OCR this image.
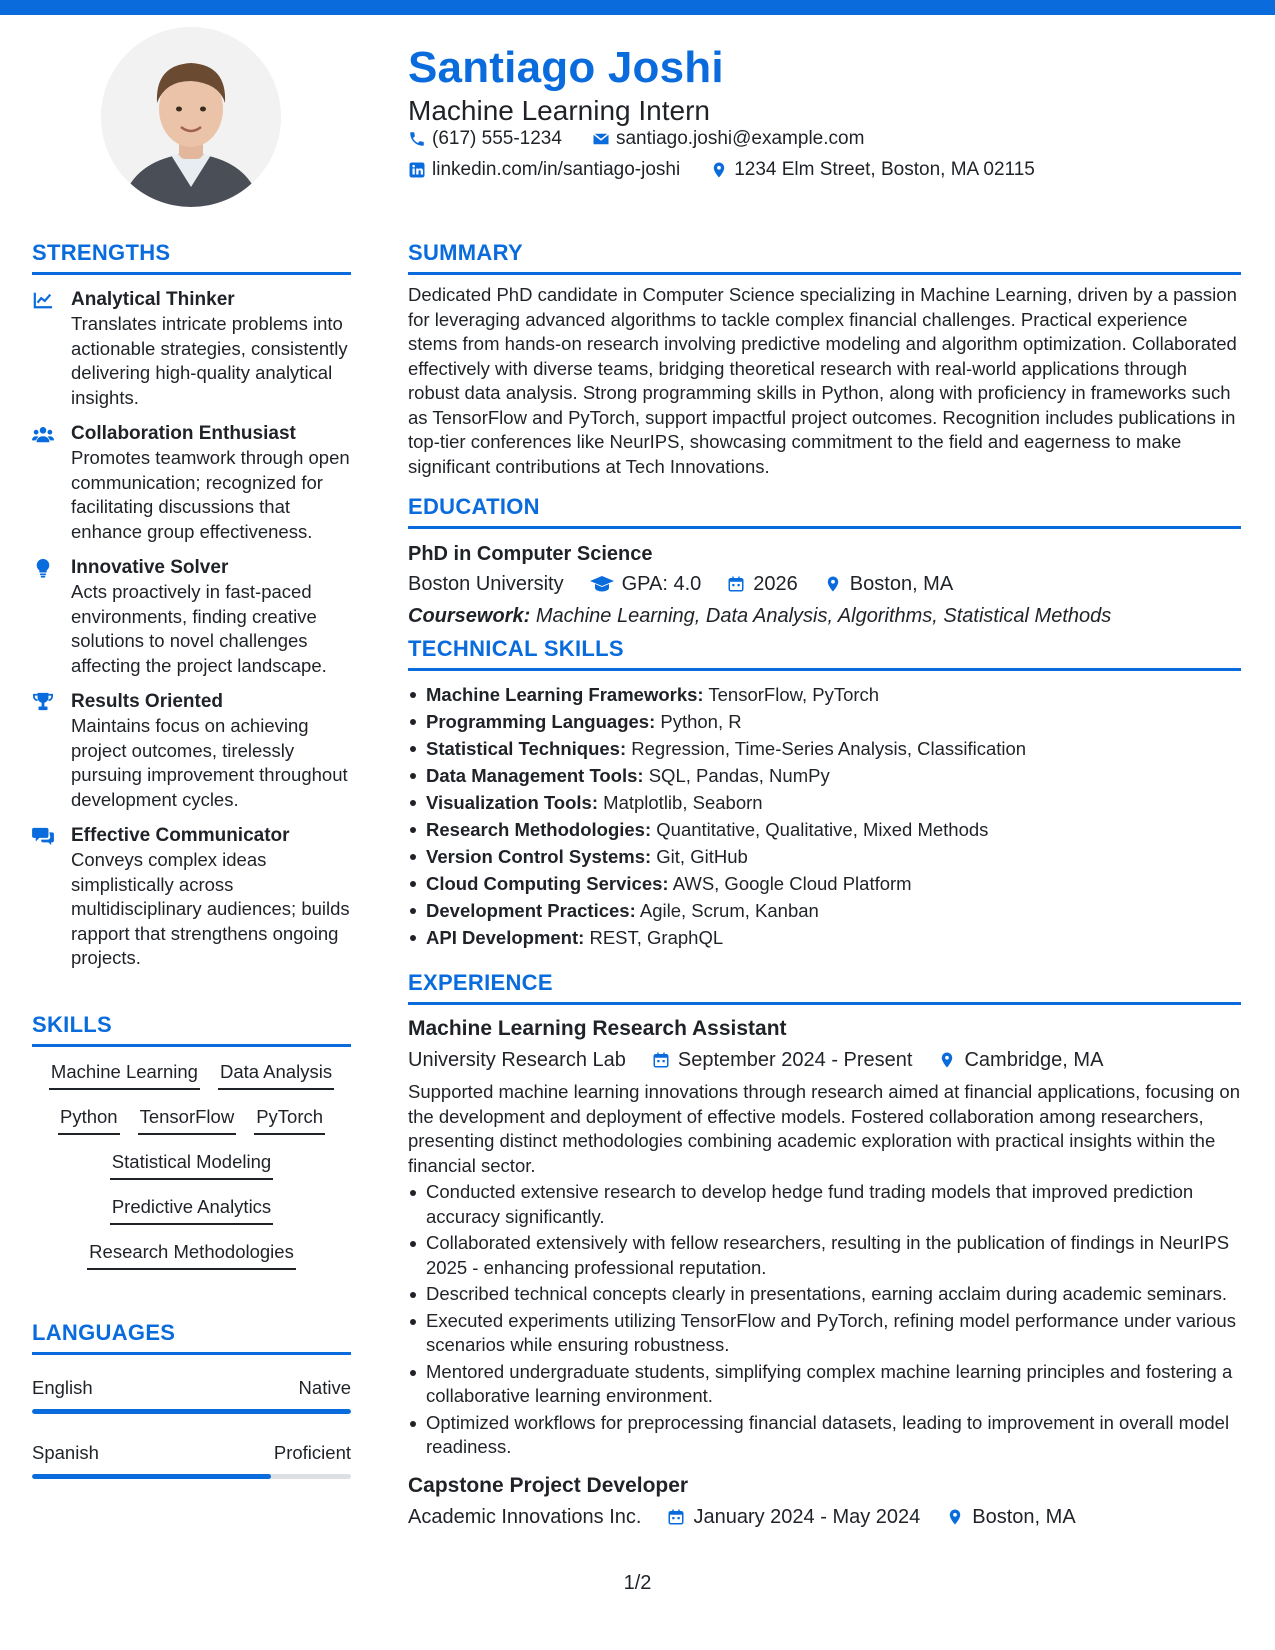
Santiago Joshi
Machine Learning Intern
(617) 555-1234	santiago.joshi@example.com
linkedin.com/in/santiago-joshi	1234 Elm Street, Boston, MA 02115
STRENGTHS
Analytical Thinker
Translates intricate problems into actionable strategies, consistently delivering high-quality analytical insights.
Collaboration Enthusiast
Promotes teamwork through open communication; recognized for facilitating discussions that enhance group effectiveness.
Innovative Solver
Acts proactively in fast-paced environments, finding creative solutions to novel challenges affecting the project landscape.
Results Oriented
Maintains focus on achieving project outcomes, tirelessly pursuing improvement throughout development cycles.
Effective Communicator
Conveys complex ideas simplistically across multidisciplinary audiences; builds rapport that strengthens ongoing projects.
SKILLS
Machine Learning Data Analysis
Python TensorFlow PyTorch
Statistical Modeling
Predictive Analytics
Research Methodologies
LANGUAGES
English	Native
Spanish	Proficient
SUMMARY
Dedicated PhD candidate in Computer Science specializing in Machine Learning, driven by a passion for leveraging advanced algorithms to tackle complex financial challenges. Practical experience stems from hands-on research involving predictive modeling and algorithm optimization. Collaborated effectively with diverse teams, bridging theoretical research with real-world applications through robust data analysis. Strong programming skills in Python, along with proficiency in frameworks such as TensorFlow and PyTorch, support impactful project outcomes. Recognition includes publications in top-tier conferences like NeurIPS, showcasing commitment to the field and eagerness to make significant contributions at Tech Innovations.
EDUCATION
PhD in Computer Science
Boston University	GPA: 4.0	2026	Boston, MA
Coursework: Machine Learning, Data Analysis, Algorithms, Statistical Methods
TECHNICAL SKILLS
Machine Learning Frameworks: TensorFlow, PyTorch
Programming Languages: Python, R
Statistical Techniques: Regression, Time-Series Analysis, Classification
Data Management Tools: SQL, Pandas, NumPy
Visualization Tools: Matplotlib, Seaborn
Research Methodologies: Quantitative, Qualitative, Mixed Methods
Version Control Systems: Git, GitHub
Cloud Computing Services: AWS, Google Cloud Platform
Development Practices: Agile, Scrum, Kanban
API Development: REST, GraphQL
EXPERIENCE
Machine Learning Research Assistant
University Research Lab	September 2024 - Present	Cambridge, MA
Supported machine learning innovations through research aimed at financial applications, focusing on the development and deployment of effective models. Fostered collaboration among researchers, presenting distinct methodologies combining academic exploration with practical insights within the financial sector.
Conducted extensive research to develop hedge fund trading models that improved prediction accuracy significantly.
Collaborated extensively with fellow researchers, resulting in the publication of findings in NeurIPS 2025 - enhancing professional reputation.
Described technical concepts clearly in presentations, earning acclaim during academic seminars.
Executed experiments utilizing TensorFlow and PyTorch, refining model performance under various scenarios while ensuring robustness.
Mentored undergraduate students, simplifying complex machine learning principles and fostering a collaborative learning environment.
Optimized workflows for preprocessing financial datasets, leading to improvement in overall model readiness.
Capstone Project Developer
Academic Innovations Inc.	January 2024 - May 2024	Boston, MA
1/2
